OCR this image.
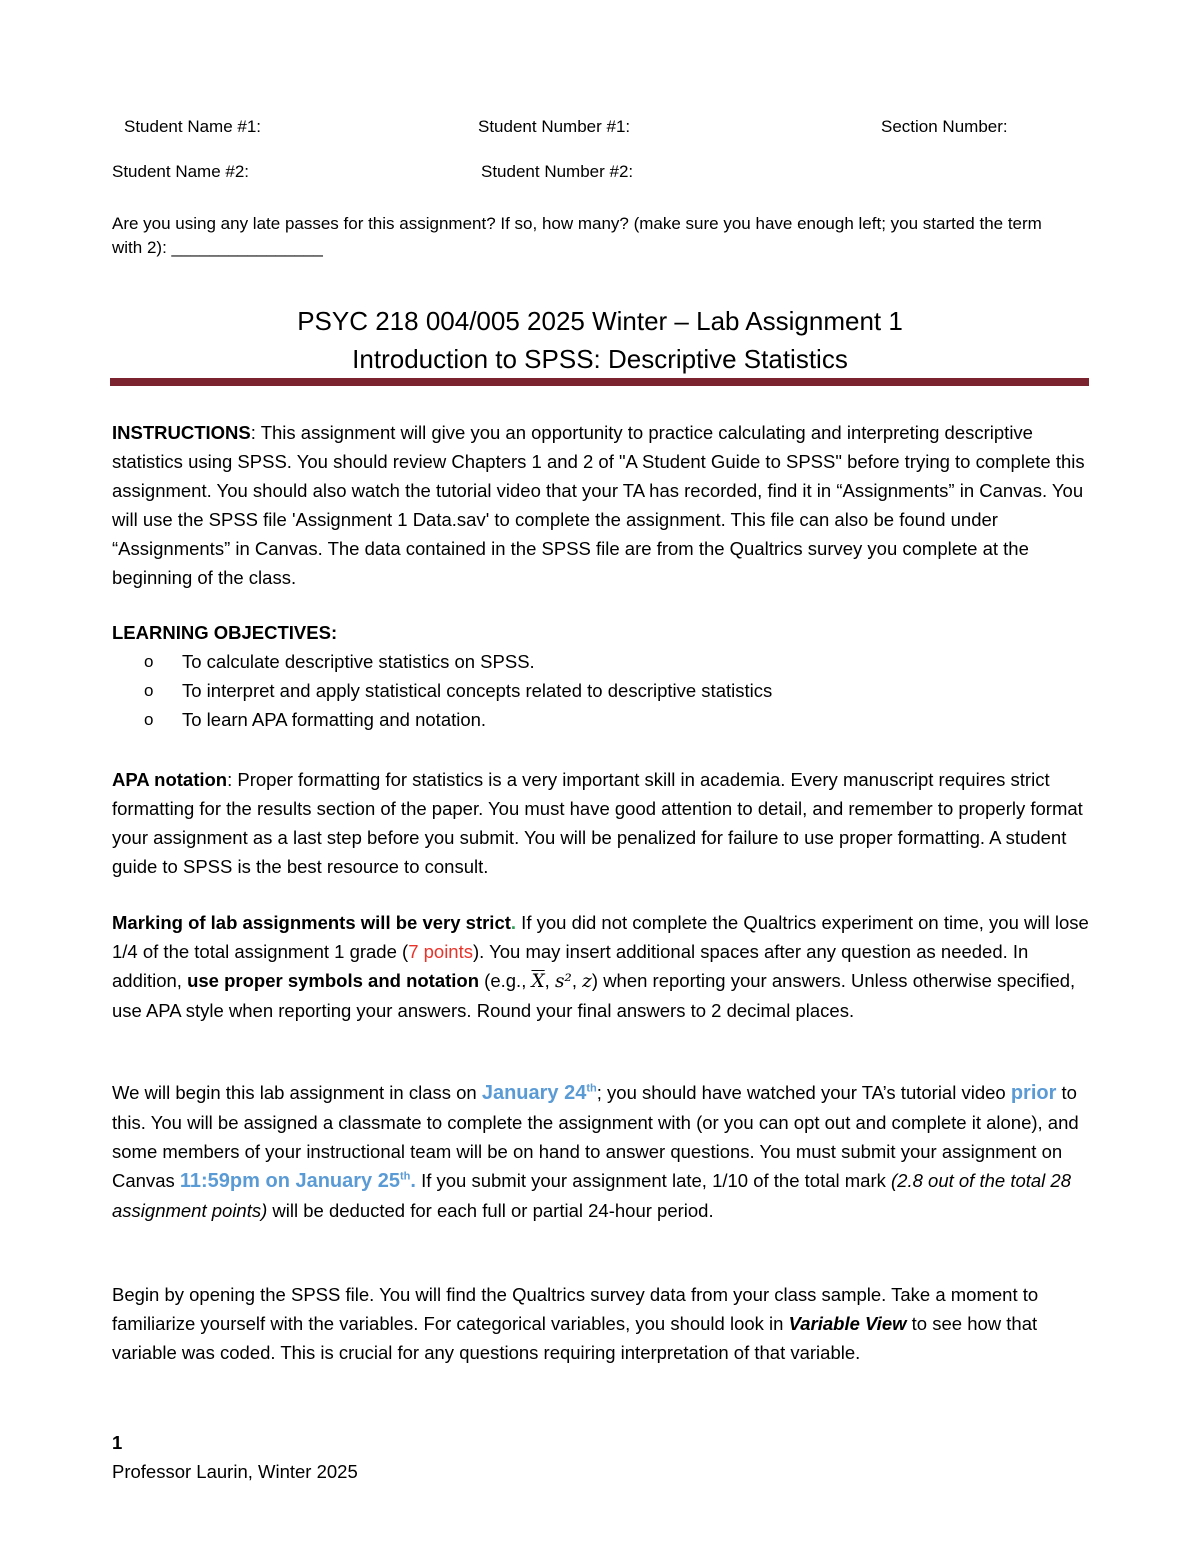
Student Name #1:	Student Number #1:	Section Number:
Student Name #2:	Student Number #2:
Are you using any late passes for this assignment? If so, how many? (make sure you have enough left; you started the term with 2): ________________
PSYC 218 004/005 2025 Winter – Lab Assignment 1
Introduction to SPSS: Descriptive Statistics
INSTRUCTIONS: This assignment will give you an opportunity to practice calculating and interpreting descriptive statistics using SPSS. You should review Chapters 1 and 2 of "A Student Guide to SPSS" before trying to complete this assignment. You should also watch the tutorial video that your TA has recorded, find it in “Assignments” in Canvas. You will use the SPSS file 'Assignment 1 Data.sav' to complete the assignment. This file can also be found under “Assignments” in Canvas. The data contained in the SPSS file are from the Qualtrics survey you complete at the beginning of the class.
LEARNING OBJECTIVES:
o To calculate descriptive statistics on SPSS.
o To interpret and apply statistical concepts related to descriptive statistics
o To learn APA formatting and notation.
APA notation: Proper formatting for statistics is a very important skill in academia. Every manuscript requires strict formatting for the results section of the paper. You must have good attention to detail, and remember to properly format your assignment as a last step before you submit. You will be penalized for failure to use proper formatting. A student guide to SPSS is the best resource to consult.
Marking of lab assignments will be very strict. If you did not complete the Qualtrics experiment on time, you will lose 1/4 of the total assignment 1 grade (7 points). You may insert additional spaces after any question as needed. In addition, use proper symbols and notation (e.g., $\overline{X}$, s², z) when reporting your answers. Unless otherwise specified, use APA style when reporting your answers. Round your final answers to 2 decimal places.
We will begin this lab assignment in class on January 24th; you should have watched your TA’s tutorial video prior to this. You will be assigned a classmate to complete the assignment with (or you can opt out and complete it alone), and some members of your instructional team will be on hand to answer questions. You must submit your assignment on Canvas 11:59pm on January 25th. If you submit your assignment late, 1/10 of the total mark (2.8 out of the total 28 assignment points) will be deducted for each full or partial 24-hour period.
Begin by opening the SPSS file. You will find the Qualtrics survey data from your class sample. Take a moment to familiarize yourself with the variables. For categorical variables, you should look in Variable View to see how that variable was coded. This is crucial for any questions requiring interpretation of that variable.
1
Professor Laurin, Winter 2025
